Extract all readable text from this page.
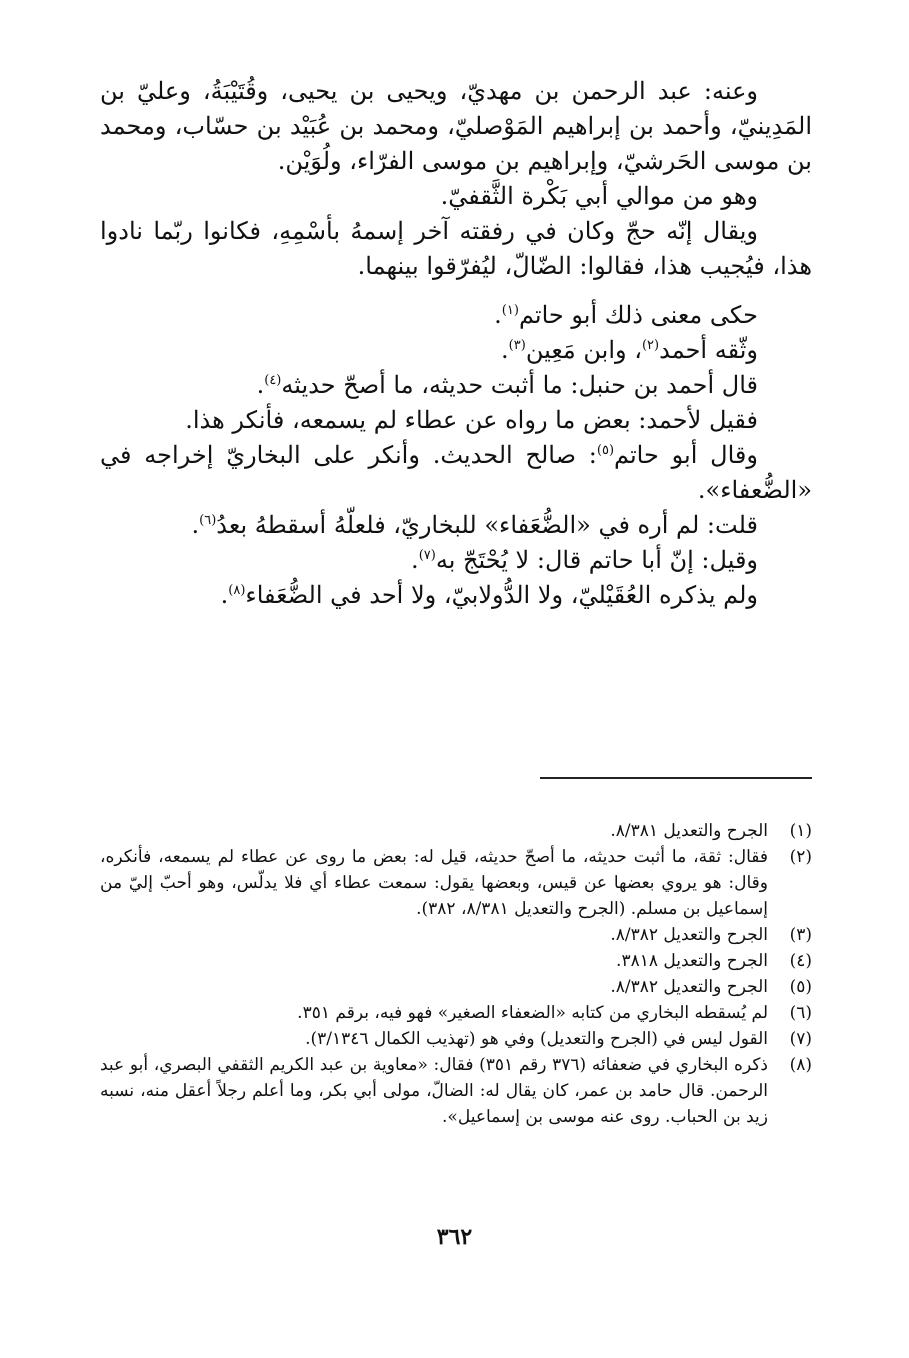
وعنه: عبد الرحمن بن مهديّ، ويحيى بن يحيى، وقُتَيْبَةُ، وعليّ بن المَدِينيّ، وأحمد بن إبراهيم المَوْصليّ، ومحمد بن عُبَيْد بن حسّاب، ومحمد بن موسى الحَرشيّ، وإبراهيم بن موسى الفرّاء، ولُوَيْن.

وهو من موالي أبي بَكْرة الثَّقفيّ.

ويقال إنّه حجّ وكان في رفقته آخر إسمهُ بأسْمِهِ، فكانوا ربّما نادوا هذا، فيُجيب هذا، فقالوا: الضّالّ، ليُفرّقوا بينهما.

حكى معنى ذلك أبو حاتم$^{(١)}$.

وثّقه أحمد$^{(٢)}$، وابن مَعِين$^{(٣)}$.

قال أحمد بن حنبل: ما أثبت حديثه، ما أصحّ حديثه$^{(٤)}$.

فقيل لأحمد: بعض ما رواه عن عطاء لم يسمعه، فأنكر هذا.

وقال أبو حاتم$^{(٥)}$: صالح الحديث. وأنكر على البخاريّ إخراجه في «الضُّعفاء».

قلت: لم أره في «الضُّعَفاء» للبخاريّ، فلعلّهُ أسقطهُ بعدُ$^{(٦)}$.

وقيل: إنّ أبا حاتم قال: لا يُحْتَجّ به$^{(٧)}$.

ولم يذكره العُقَيْليّ، ولا الدُّولابيّ، ولا أحد في الضُّعَفاء$^{(٨)}$.

(١)
الجرح والتعديل ٨/٣٨١.
(٢)
فقال: ثقة، ما أثبت حديثه، ما أصحّ حديثه، قيل له: بعض ما روى عن عطاء لم يسمعه، فأنكره، وقال: هو يروي بعضها عن قيس، وبعضها يقول: سمعت عطاء أي فلا يدلّس، وهو أحبّ إليّ من إسماعيل بن مسلم. (الجرح والتعديل ٨/٣٨١، ٣٨٢).
(٣)
الجرح والتعديل ٨/٣٨٢.
(٤)
الجرح والتعديل ٣٨١٨.
(٥)
الجرح والتعديل ٨/٣٨٢.
(٦)
لم يُسقطه البخاري من كتابه «الضعفاء الصغير» فهو فيه، برقم ٣٥١.
(٧)
القول ليس في (الجرح والتعديل) وفي هو (تهذيب الكمال ٣/١٣٤٦).
(٨)
ذكره البخاري في ضعفائه (٣٧٦ رقم ٣٥١) فقال: «معاوية بن عبد الكريم الثقفي البصري، أبو عبد الرحمن. قال حامد بن عمر، كان يقال له: الضالّ، مولى أبي بكر، وما أعلم رجلاً أعقل منه، نسبه زيد بن الحباب. روى عنه موسى بن إسماعيل».
٣٦٢
